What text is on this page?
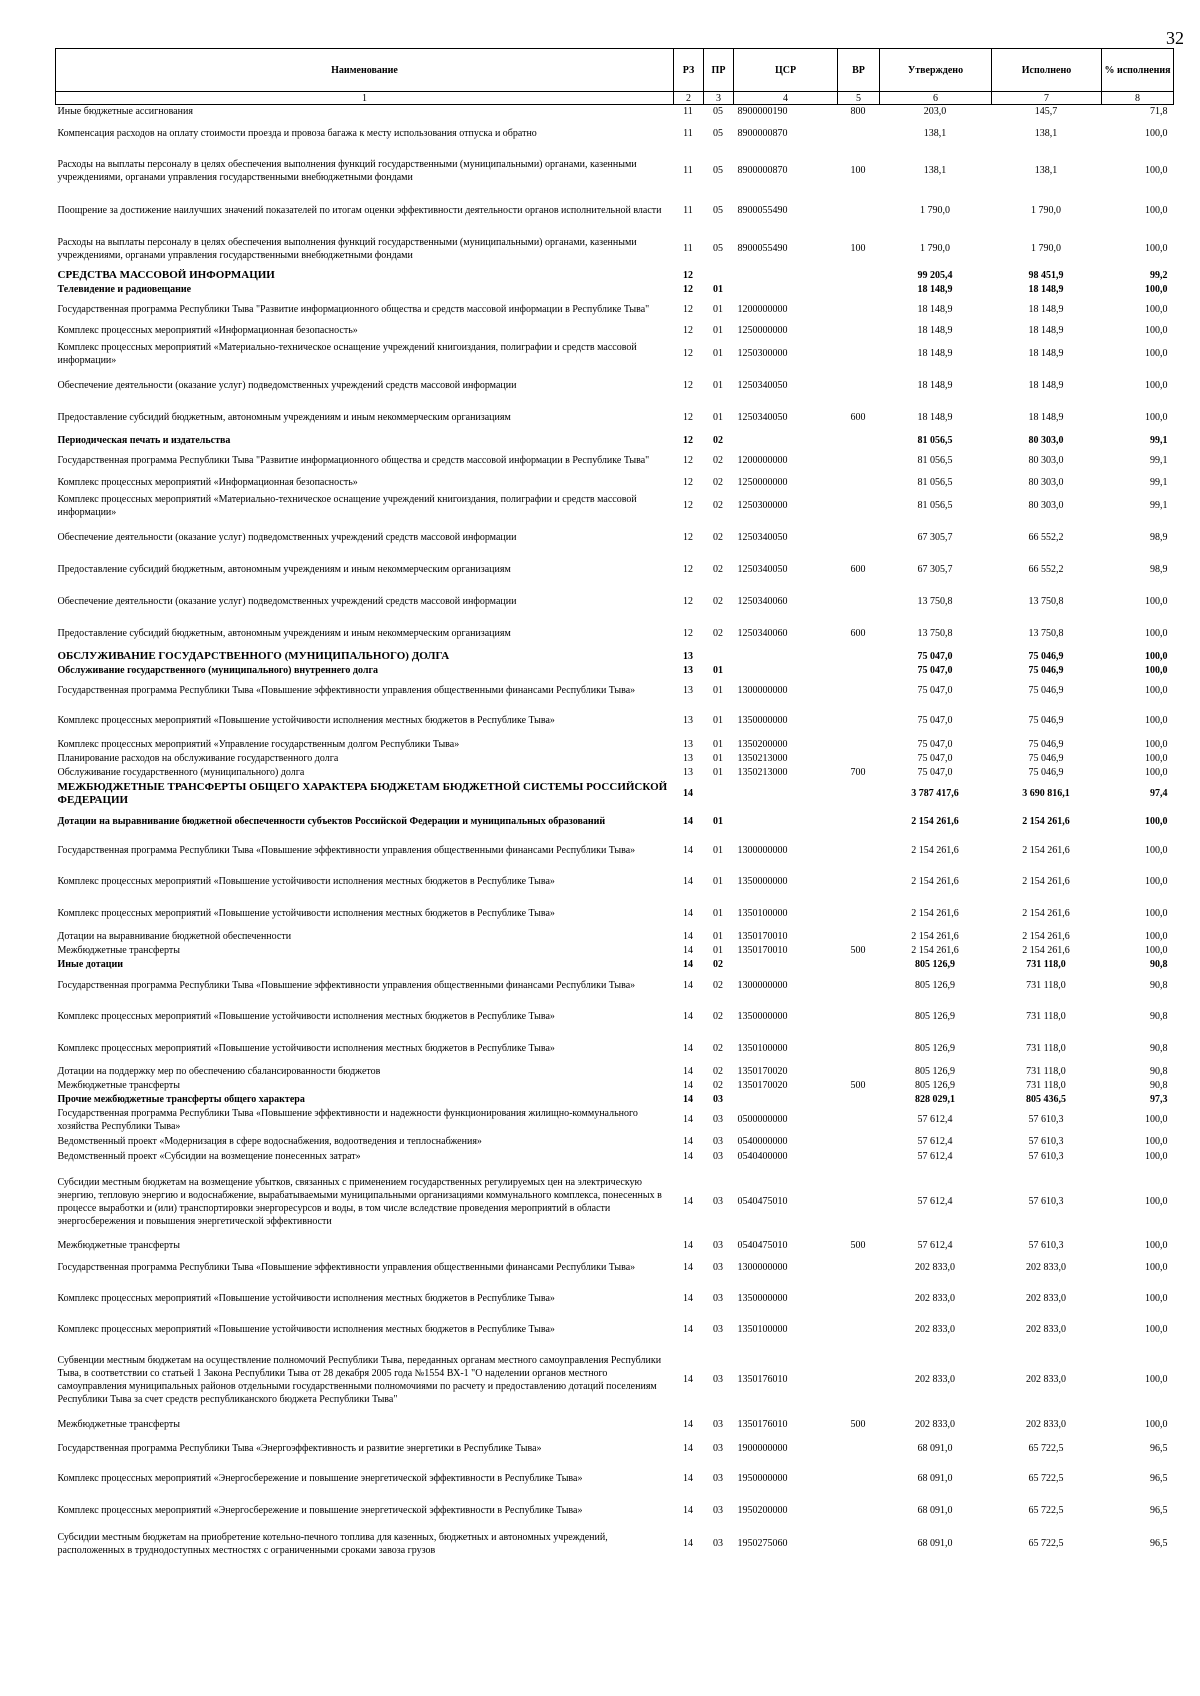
32
Наименование	РЗ	ПР	ЦСР	ВР	Утверждено	Исполнено	% исполнения
1	2	3	4	5	6	7	8
Иные бюджетные ассигнования	11	05	8900000190	800	203,0	145,7	71,8
Компенсация расходов на оплату стоимости проезда и провоза багажа к месту использования отпуска и обратно	11	05	8900000870		138,1	138,1	100,0
Расходы на выплаты персоналу в целях обеспечения выполнения функций государственными (муниципальными) органами, казенными учреждениями, органами управления государственными внебюджетными фондами	11	05	8900000870	100	138,1	138,1	100,0
Поощрение за достижение наилучших значений показателей по итогам оценки эффективности деятельности органов исполнительной власти	11	05	8900055490		1 790,0	1 790,0	100,0
Расходы на выплаты персоналу в целях обеспечения выполнения функций государственными (муниципальными) органами, казенными учреждениями, органами управления государственными внебюджетными фондами	11	05	8900055490	100	1 790,0	1 790,0	100,0
СРЕДСТВА МАССОВОЙ ИНФОРМАЦИИ	12				99 205,4	98 451,9	99,2
Телевидение и радиовещание	12	01			18 148,9	18 148,9	100,0
Государственная программа Республики Тыва "Развитие информационного общества и средств массовой информации в Республике Тыва"	12	01	1200000000		18 148,9	18 148,9	100,0
Комплекс процессных мероприятий «Информационная безопасность»	12	01	1250000000		18 148,9	18 148,9	100,0
Комплекс процессных мероприятий «Материально-техническое оснащение учреждений книгоиздания, полиграфии и средств массовой информации»	12	01	1250300000		18 148,9	18 148,9	100,0
Обеспечение деятельности (оказание услуг) подведомственных учреждений средств массовой информации	12	01	1250340050		18 148,9	18 148,9	100,0
Предоставление субсидий бюджетным, автономным учреждениям и иным некоммерческим организациям	12	01	1250340050	600	18 148,9	18 148,9	100,0
Периодическая печать и издательства	12	02			81 056,5	80 303,0	99,1
Государственная программа Республики Тыва "Развитие информационного общества и средств массовой информации в Республике Тыва"	12	02	1200000000		81 056,5	80 303,0	99,1
Комплекс процессных мероприятий «Информационная безопасность»	12	02	1250000000		81 056,5	80 303,0	99,1
Комплекс процессных мероприятий «Материально-техническое оснащение учреждений книгоиздания, полиграфии и средств массовой информации»	12	02	1250300000		81 056,5	80 303,0	99,1
Обеспечение деятельности (оказание услуг) подведомственных учреждений средств массовой информации	12	02	1250340050		67 305,7	66 552,2	98,9
Предоставление субсидий бюджетным, автономным учреждениям и иным некоммерческим организациям	12	02	1250340050	600	67 305,7	66 552,2	98,9
Обеспечение деятельности (оказание услуг) подведомственных учреждений средств массовой информации	12	02	1250340060		13 750,8	13 750,8	100,0
Предоставление субсидий бюджетным, автономным учреждениям и иным некоммерческим организациям	12	02	1250340060	600	13 750,8	13 750,8	100,0
ОБСЛУЖИВАНИЕ ГОСУДАРСТВЕННОГО (МУНИЦИПАЛЬНОГО) ДОЛГА	13				75 047,0	75 046,9	100,0
Обслуживание государственного (муниципального) внутреннего долга	13	01			75 047,0	75 046,9	100,0
Государственная программа Республики Тыва «Повышение эффективности управления общественными финансами Республики Тыва»	13	01	1300000000		75 047,0	75 046,9	100,0
Комплекс процессных мероприятий «Повышение устойчивости исполнения местных бюджетов в Республике Тыва»	13	01	1350000000		75 047,0	75 046,9	100,0
Комплекс процессных мероприятий «Управление государственным долгом Республики Тыва»	13	01	1350200000		75 047,0	75 046,9	100,0
Планирование расходов на обслуживание государственного долга	13	01	1350213000		75 047,0	75 046,9	100,0
Обслуживание государственного (муниципального) долга	13	01	1350213000	700	75 047,0	75 046,9	100,0
МЕЖБЮДЖЕТНЫЕ ТРАНСФЕРТЫ ОБЩЕГО ХАРАКТЕРА БЮДЖЕТАМ БЮДЖЕТНОЙ СИСТЕМЫ РОССИЙСКОЙ ФЕДЕРАЦИИ	14				3 787 417,6	3 690 816,1	97,4
Дотации на выравнивание бюджетной обеспеченности субъектов Российской Федерации и муниципальных образований	14	01			2 154 261,6	2 154 261,6	100,0
Государственная программа Республики Тыва «Повышение эффективности управления общественными финансами Республики Тыва»	14	01	1300000000		2 154 261,6	2 154 261,6	100,0
Комплекс процессных мероприятий «Повышение устойчивости исполнения местных бюджетов в Республике Тыва»	14	01	1350000000		2 154 261,6	2 154 261,6	100,0
Комплекс процессных мероприятий «Повышение устойчивости исполнения местных бюджетов в Республике Тыва»	14	01	1350100000		2 154 261,6	2 154 261,6	100,0
Дотации на выравнивание бюджетной обеспеченности	14	01	1350170010		2 154 261,6	2 154 261,6	100,0
Межбюджетные трансферты	14	01	1350170010	500	2 154 261,6	2 154 261,6	100,0
Иные дотации	14	02			805 126,9	731 118,0	90,8
Государственная программа Республики Тыва «Повышение эффективности управления общественными финансами Республики Тыва»	14	02	1300000000		805 126,9	731 118,0	90,8
Комплекс процессных мероприятий «Повышение устойчивости исполнения местных бюджетов в Республике Тыва»	14	02	1350000000		805 126,9	731 118,0	90,8
Комплекс процессных мероприятий «Повышение устойчивости исполнения местных бюджетов в Республике Тыва»	14	02	1350100000		805 126,9	731 118,0	90,8
Дотации на поддержку мер по обеспечению сбалансированности бюджетов	14	02	1350170020		805 126,9	731 118,0	90,8
Межбюджетные трансферты	14	02	1350170020	500	805 126,9	731 118,0	90,8
Прочие межбюджетные трансферты общего характера	14	03			828 029,1	805 436,5	97,3
Государственная программа Республики Тыва «Повышение эффективности и надежности функционирования жилищно-коммунального хозяйства Республики Тыва»	14	03	0500000000		57 612,4	57 610,3	100,0
Ведомственный проект «Модернизация в сфере водоснабжения, водоотведения и теплоснабжения»	14	03	0540000000		57 612,4	57 610,3	100,0
Ведомственный проект «Субсидии на возмещение понесенных затрат»	14	03	0540400000		57 612,4	57 610,3	100,0
Субсидии местным бюджетам на возмещение убытков, связанных с применением государственных регулируемых цен на электрическую энергию, тепловую энергию и водоснабжение, вырабатываемыми муниципальными организациями коммунального комплекса, понесенных в процессе выработки и (или) транспортировки энергоресурсов и воды, в том числе вследствие проведения мероприятий в области энергосбережения и повышения энергетической эффективности	14	03	0540475010		57 612,4	57 610,3	100,0
Межбюджетные трансферты	14	03	0540475010	500	57 612,4	57 610,3	100,0
Государственная программа Республики Тыва «Повышение эффективности управления общественными финансами Республики Тыва»	14	03	1300000000		202 833,0	202 833,0	100,0
Комплекс процессных мероприятий «Повышение устойчивости исполнения местных бюджетов в Республике Тыва»	14	03	1350000000		202 833,0	202 833,0	100,0
Комплекс процессных мероприятий «Повышение устойчивости исполнения местных бюджетов в Республике Тыва»	14	03	1350100000		202 833,0	202 833,0	100,0
Субвенции местным бюджетам на осуществление полномочий Республики Тыва, переданных органам местного самоуправления Республики Тыва, в соответствии со статьей 1 Закона Республики Тыва от 28 декабря 2005 года №1554 ВХ-1 "О наделении органов местного самоуправления муниципальных районов отдельными государственными полномочиями по расчету и предоставлению дотаций поселениям Республики Тыва за счет средств республиканского бюджета Республики Тыва"	14	03	1350176010		202 833,0	202 833,0	100,0
Межбюджетные трансферты	14	03	1350176010	500	202 833,0	202 833,0	100,0
Государственная программа Республики Тыва «Энергоэффективность и развитие энергетики в Республике Тыва»	14	03	1900000000		68 091,0	65 722,5	96,5
Комплекс процессных мероприятий «Энергосбережение и повышение энергетической эффективности в Республике Тыва»	14	03	1950000000		68 091,0	65 722,5	96,5
Комплекс процессных мероприятий «Энергосбережение и повышение энергетической эффективности в Республике Тыва»	14	03	1950200000		68 091,0	65 722,5	96,5
Субсидии местным бюджетам на приобретение котельно-печного топлива для казенных, бюджетных и автономных учреждений, расположенных в труднодоступных местностях с ограниченными сроками завоза грузов	14	03	1950275060		68 091,0	65 722,5	96,5
